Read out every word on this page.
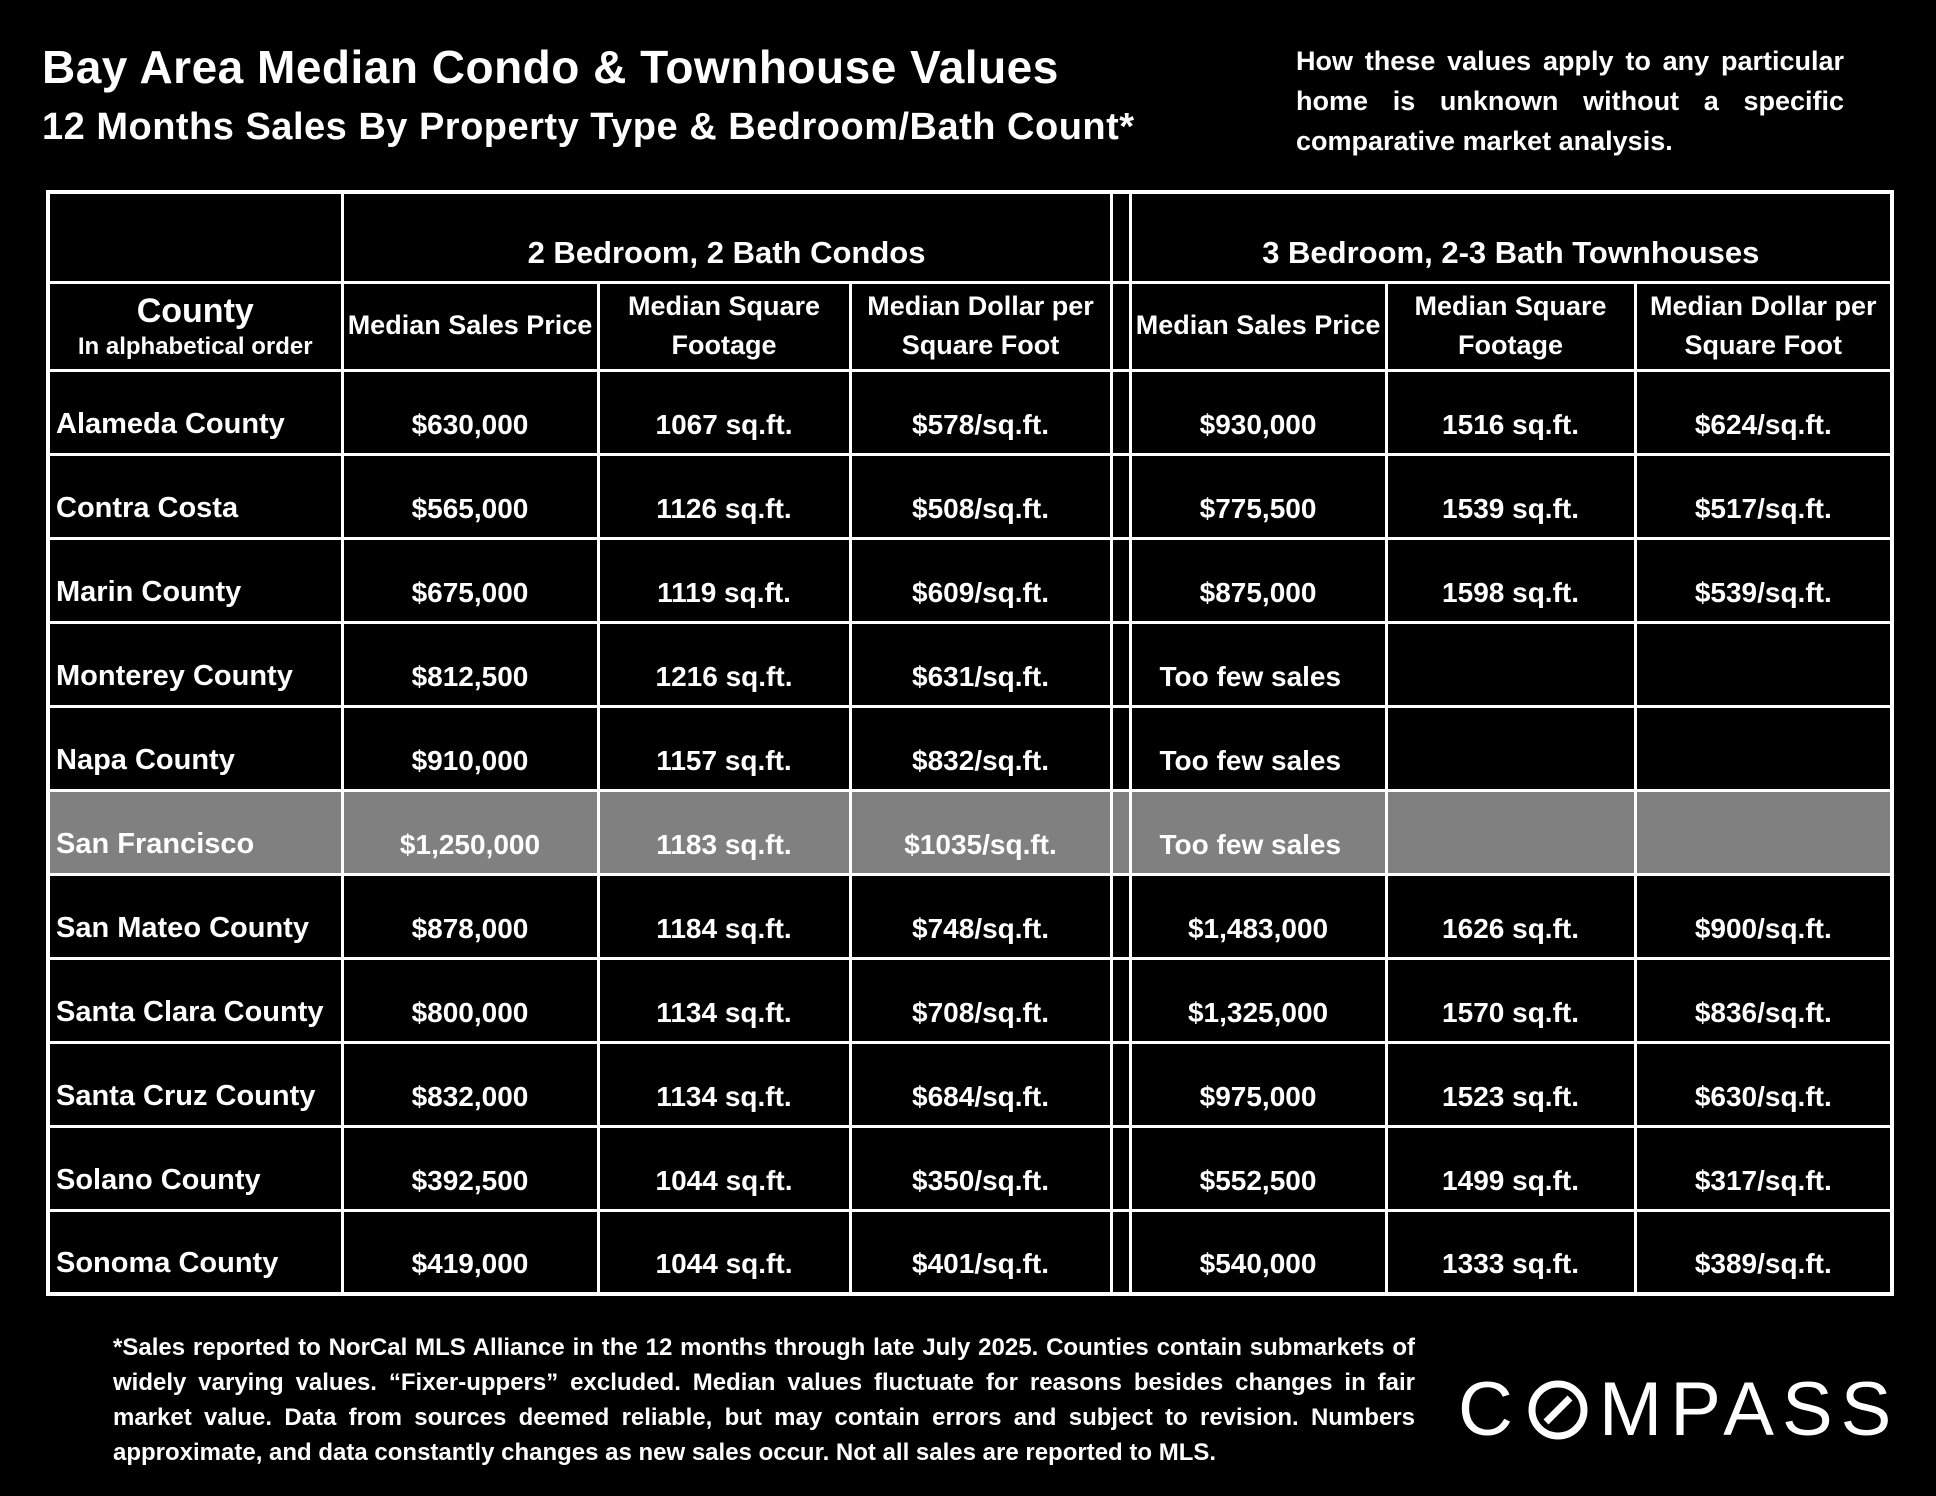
Bay Area Median Condo & Townhouse Values
12 Months Sales By Property Type & Bedroom/Bath Count*
How these values apply to any particular home is unknown without a specific comparative market analysis.
	2 Bedroom, 2 Bath Condos				3 Bedroom, 2-3 Bath Townhouses		

County
In alphabetical order	Median Sales Price	Median Square Footage	Median Dollar per Square Foot		Median Sales Price	Median Square Footage	Median Dollar per Square Foot
Alameda County	$630,000	1067 sq.ft.	$578/sq.ft.		$930,000	1516 sq.ft.	$624/sq.ft.
Contra Costa	$565,000	1126 sq.ft.	$508/sq.ft.		$775,500	1539 sq.ft.	$517/sq.ft.
Marin County	$675,000	1119 sq.ft.	$609/sq.ft.		$875,000	1598 sq.ft.	$539/sq.ft.
Monterey County	$812,500	1216 sq.ft.	$631/sq.ft.		Too few sales		
Napa County	$910,000	1157 sq.ft.	$832/sq.ft.		Too few sales		
San Francisco	$1,250,000	1183 sq.ft.	$1035/sq.ft.		Too few sales		
San Mateo County	$878,000	1184 sq.ft.	$748/sq.ft.		$1,483,000	1626 sq.ft.	$900/sq.ft.
Santa Clara County	$800,000	1134 sq.ft.	$708/sq.ft.		$1,325,000	1570 sq.ft.	$836/sq.ft.
Santa Cruz County	$832,000	1134 sq.ft.	$684/sq.ft.		$975,000	1523 sq.ft.	$630/sq.ft.
Solano County	$392,500	1044 sq.ft.	$350/sq.ft.		$552,500	1499 sq.ft.	$317/sq.ft.
Sonoma County	$419,000	1044 sq.ft.	$401/sq.ft.		$540,000	1333 sq.ft.	$389/sq.ft.
*Sales reported to NorCal MLS Alliance in the 12 months through late July 2025. Counties contain submarkets of widely varying values. “Fixer-uppers” excluded. Median values fluctuate for reasons besides changes in fair market value. Data from sources deemed reliable, but may contain errors and subject to revision. Numbers approximate, and data constantly changes as new sales occur. Not all sales are reported to MLS.
C MPASS
